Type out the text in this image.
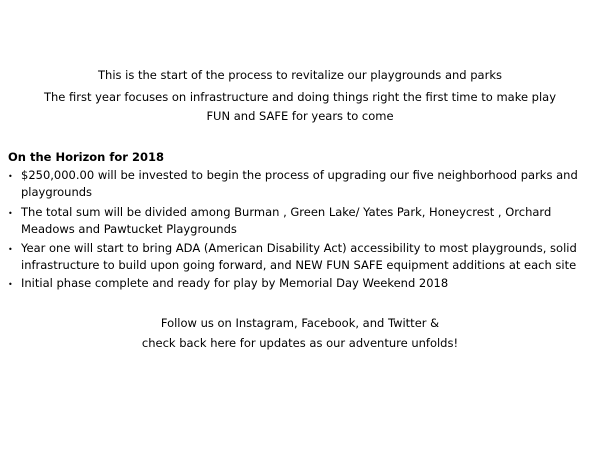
This is the start of the process to revitalize our playgrounds and parks
The first year focuses on infrastructure and doing things right the first time to make play
FUN and SAFE for years to come
On the Horizon for 2018
• $250,000.00 will be invested to begin the process of upgrading our five neighborhood parks and
playgrounds
• The total sum will be divided among Burman , Green Lake/ Yates Park, Honeycrest , Orchard
Meadows and Pawtucket Playgrounds
• Year one will start to bring ADA (American Disability Act) accessibility to most playgrounds, solid
infrastructure to build upon going forward, and NEW FUN SAFE equipment additions at each site
• Initial phase complete and ready for play by Memorial Day Weekend 2018
Follow us on Instagram, Facebook, and Twitter &
check back here for updates as our adventure unfolds!
